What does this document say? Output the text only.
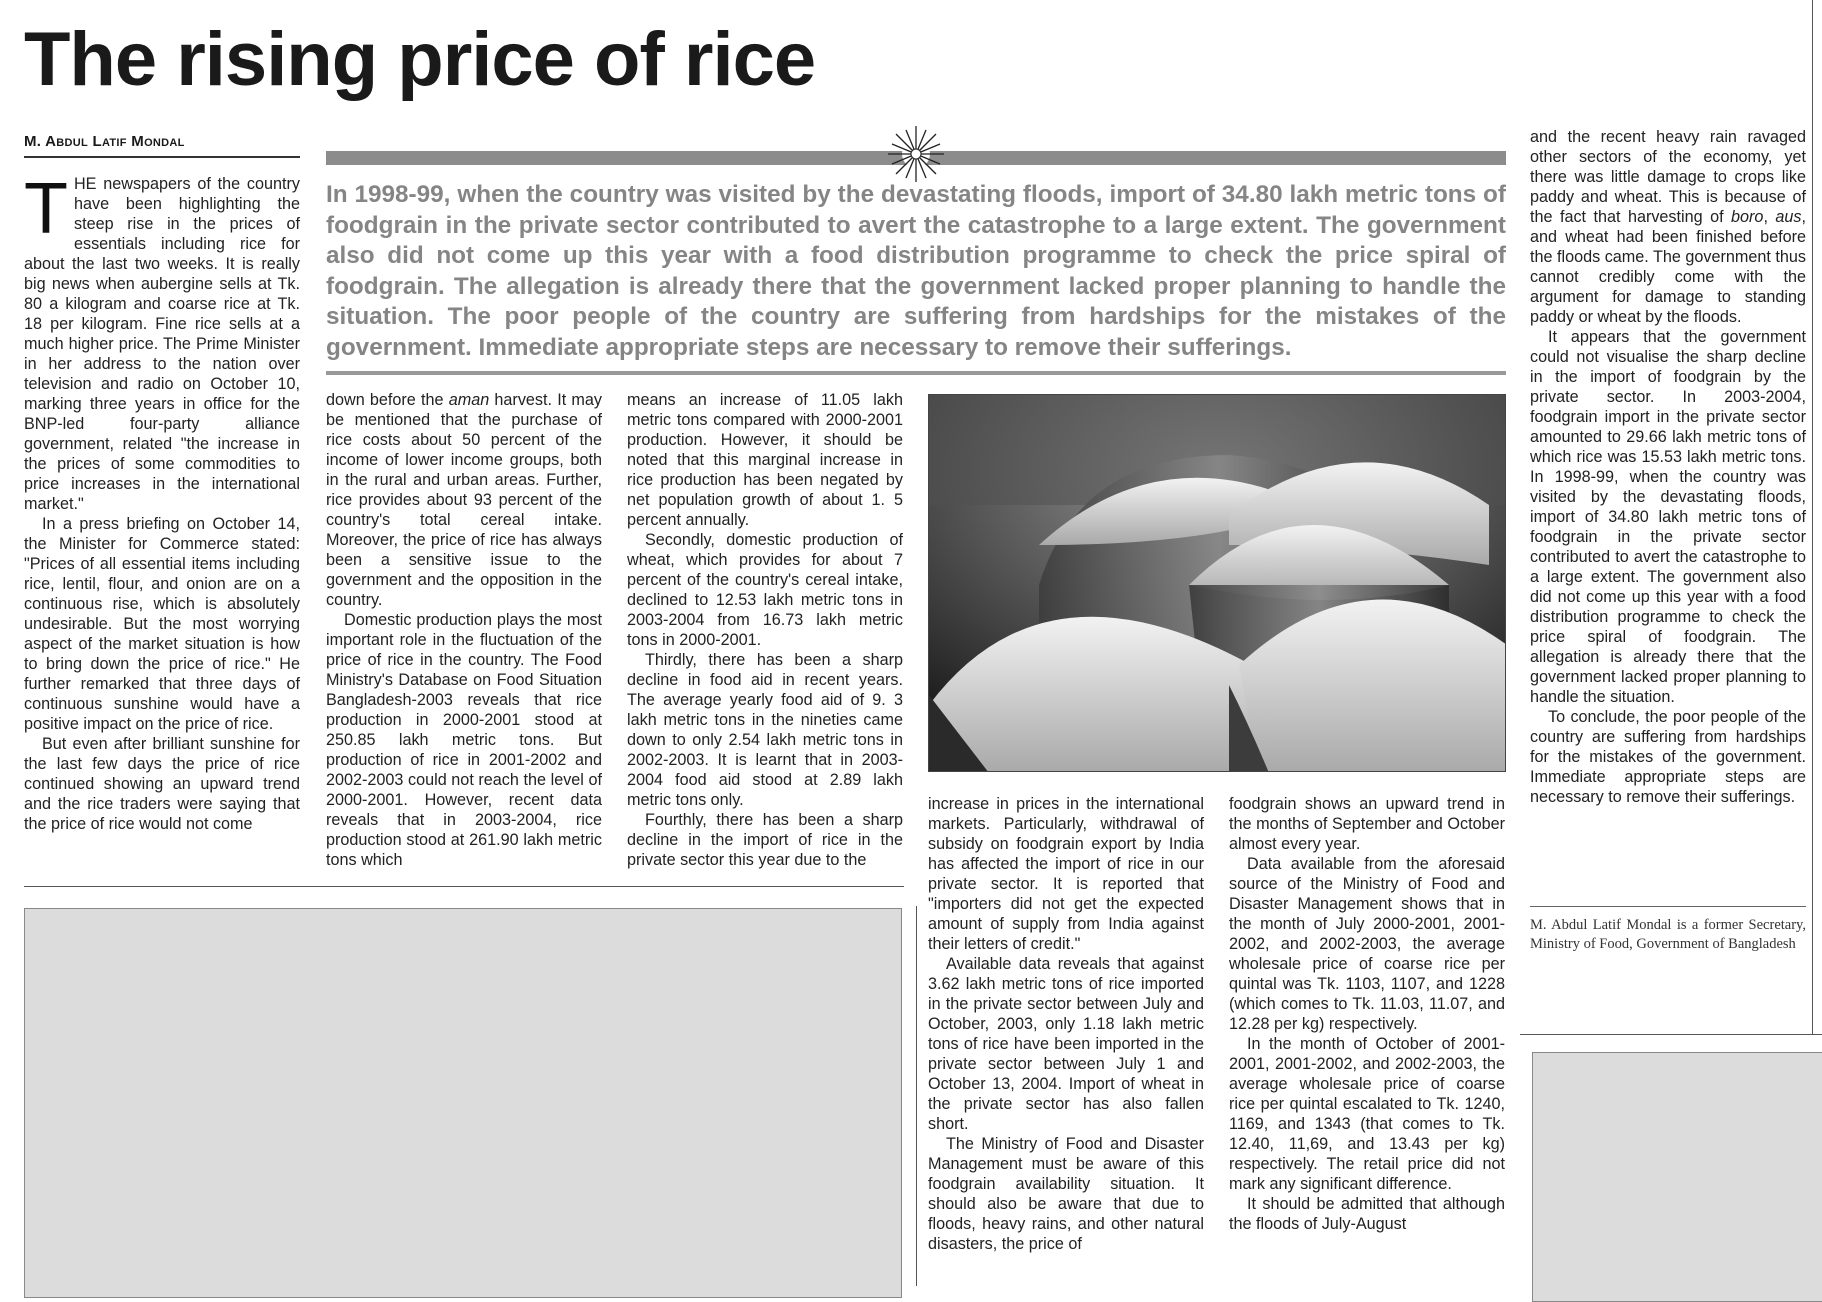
The rising price of rice
M. Abdul Latif Mondal

THE newspapers of the country have been highlighting the steep rise in the prices of essentials including rice for about the last two weeks. It is really big news when aubergine sells at Tk. 80 a kilogram and coarse rice at Tk. 18 per kilogram. Fine rice sells at a much higher price. The Prime Minister in her address to the nation over television and radio on October 10, marking three years in office for the BNP-led four-party alliance government, related "the increase in the prices of some commodities to price increases in the international market."

In a press briefing on October 14, the Minister for Commerce stated: "Prices of all essential items including rice, lentil, flour, and onion are on a continuous rise, which is absolutely undesirable. But the most worrying aspect of the market situation is how to bring down the price of rice." He further remarked that three days of continuous sunshine would have a positive impact on the price of rice.

But even after brilliant sunshine for the last few days the price of rice continued showing an upward trend and the rice traders were saying that the price of rice would not come

In 1998-99, when the country was visited by the devastating floods, import of 34.80 lakh metric tons of foodgrain in the private sector contributed to avert the catastrophe to a large extent. The government also did not come up this year with a food distribution programme to check the price spiral of foodgrain. The allegation is already there that the government lacked proper planning to handle the situation. The poor people of the country are suffering from hardships for the mistakes of the government. Immediate appropriate steps are necessary to remove their sufferings.

down before the aman harvest. It may be mentioned that the purchase of rice costs about 50 percent of the income of lower income groups, both in the rural and urban areas. Further, rice provides about 93 percent of the country's total cereal intake. Moreover, the price of rice has always been a sensitive issue to the government and the opposition in the country.

Domestic production plays the most important role in the fluctuation of the price of rice in the country. The Food Ministry's Database on Food Situation Bangladesh-2003 reveals that rice production in 2000-2001 stood at 250.85 lakh metric tons. But production of rice in 2001-2002 and 2002-2003 could not reach the level of 2000-2001. However, recent data reveals that in 2003-2004, rice production stood at 261.90 lakh metric tons which

means an increase of 11.05 lakh metric tons compared with 2000-2001 production. However, it should be noted that this marginal increase in rice production has been negated by net population growth of about 1. 5 percent annually.

Secondly, domestic production of wheat, which provides for about 7 percent of the country's cereal intake, declined to 12.53 lakh metric tons in 2003-2004 from 16.73 lakh metric tons in 2000-2001.

Thirdly, there has been a sharp decline in food aid in recent years. The average yearly food aid of 9. 3 lakh metric tons in the nineties came down to only 2.54 lakh metric tons in 2002-2003. It is learnt that in 2003-2004 food aid stood at 2.89 lakh metric tons only.

Fourthly, there has been a sharp decline in the import of rice in the private sector this year due to the

increase in prices in the international markets. Particularly, withdrawal of subsidy on foodgrain export by India has affected the import of rice in our private sector. It is reported that "importers did not get the expected amount of supply from India against their letters of credit."

Available data reveals that against 3.62 lakh metric tons of rice imported in the private sector between July and October, 2003, only 1.18 lakh metric tons of rice have been imported in the private sector between July 1 and October 13, 2004. Import of wheat in the private sector has also fallen short.

The Ministry of Food and Disaster Management must be aware of this foodgrain availability situation. It should also be aware that due to floods, heavy rains, and other natural disasters, the price of

foodgrain shows an upward trend in the months of September and October almost every year.

Data available from the aforesaid source of the Ministry of Food and Disaster Management shows that in the month of July 2000-2001, 2001-2002, and 2002-2003, the average wholesale price of coarse rice per quintal was Tk. 1103, 1107, and 1228 (which comes to Tk. 11.03, 11.07, and 12.28 per kg) respectively.

In the month of October of 2001-2001, 2001-2002, and 2002-2003, the average wholesale price of coarse rice per quintal escalated to Tk. 1240, 1169, and 1343 (that comes to Tk. 12.40, 11,69, and 13.43 per kg) respectively. The retail price did not mark any significant difference.

It should be admitted that although the floods of July-August

and the recent heavy rain ravaged other sectors of the economy, yet there was little damage to crops like paddy and wheat. This is because of the fact that harvesting of boro, aus, and wheat had been finished before the floods came. The government thus cannot credibly come with the argument for damage to standing paddy or wheat by the floods.

It appears that the government could not visualise the sharp decline in the import of foodgrain by the private sector. In 2003-2004, foodgrain import in the private sector amounted to 29.66 lakh metric tons of which rice was 15.53 lakh metric tons. In 1998-99, when the country was visited by the devastating floods, import of 34.80 lakh metric tons of foodgrain in the private sector contributed to avert the catastrophe to a large extent. The government also did not come up this year with a food distribution programme to check the price spiral of foodgrain. The allegation is already there that the government lacked proper planning to handle the situation.

To conclude, the poor people of the country are suffering from hardships for the mistakes of the government. Immediate appropriate steps are necessary to remove their sufferings.

M. Abdul Latif Mondal is a former Secretary, Ministry of Food, Government of Bangladesh
